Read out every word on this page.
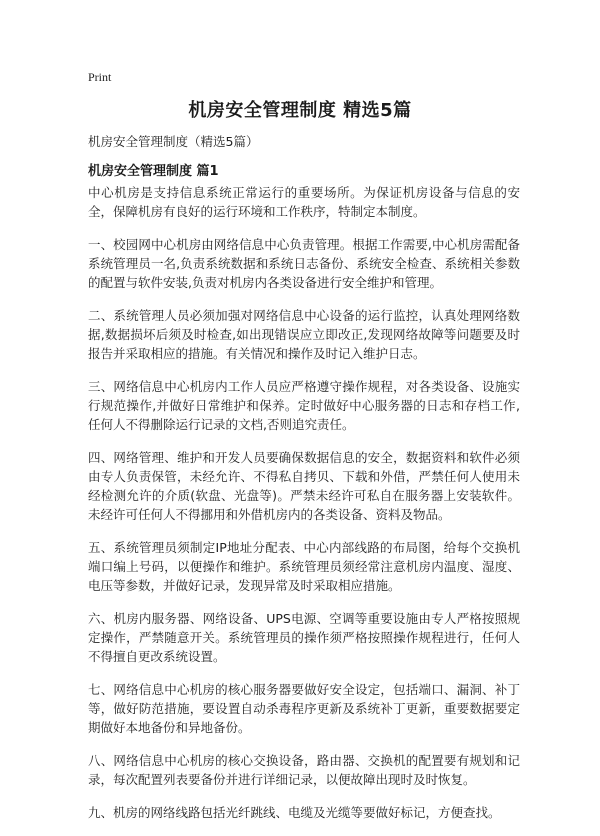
Print
机房安全管理制度 精选5篇
机房安全管理制度（精选5篇）
机房安全管理制度 篇1

中心机房是支持信息系统正常运行的重要场所。为保证机房设备与信息的安全，保障机房有良好的运行环境和工作秩序，特制定本制度。

一、校园网中心机房由网络信息中心负责管理。根据工作需要,中心机房需配备系统管理员一名,负责系统数据和系统日志备份、系统安全检查、系统相关参数的配置与软件安装,负责对机房内各类设备进行安全维护和管理。

二、系统管理人员必须加强对网络信息中心设备的运行监控，认真处理网络数据,数据损坏后须及时检查,如出现错误应立即改正,发现网络故障等问题要及时报告并采取相应的措施。有关情况和操作及时记入维护日志。

三、网络信息中心机房内工作人员应严格遵守操作规程，对各类设备、设施实行规范操作,并做好日常维护和保养。定时做好中心服务器的日志和存档工作,任何人不得删除运行记录的文档,否则追究责任。

四、网络管理、维护和开发人员要确保数据信息的安全，数据资料和软件必须由专人负责保管，未经允许、不得私自拷贝、下载和外借，严禁任何人使用未经检测允许的介质(软盘、光盘等)。严禁未经许可私自在服务器上安装软件。未经许可任何人不得挪用和外借机房内的各类设备、资料及物品。

五、系统管理员须制定IP地址分配表、中心内部线路的布局图，给每个交换机端口编上号码，以便操作和维护。系统管理员须经常注意机房内温度、湿度、电压等参数，并做好记录，发现异常及时采取相应措施。

六、机房内服务器、网络设备、UPS电源、空调等重要设施由专人严格按照规定操作，严禁随意开关。系统管理员的操作须严格按照操作规程进行，任何人不得擅自更改系统设置。

七、网络信息中心机房的核心服务器要做好安全设定，包括端口、漏洞、补丁等，做好防范措施，要设置自动杀毒程序更新及系统补丁更新，重要数据要定期做好本地备份和异地备份。

八、网络信息中心机房的核心交换设备，路由器、交换机的配置要有规划和记录，每次配置列表要备份并进行详细记录，以便故障出现时及时恢复。

九、机房的网络线路包括光纤跳线、电缆及光缆等要做好标记，方便查找。
